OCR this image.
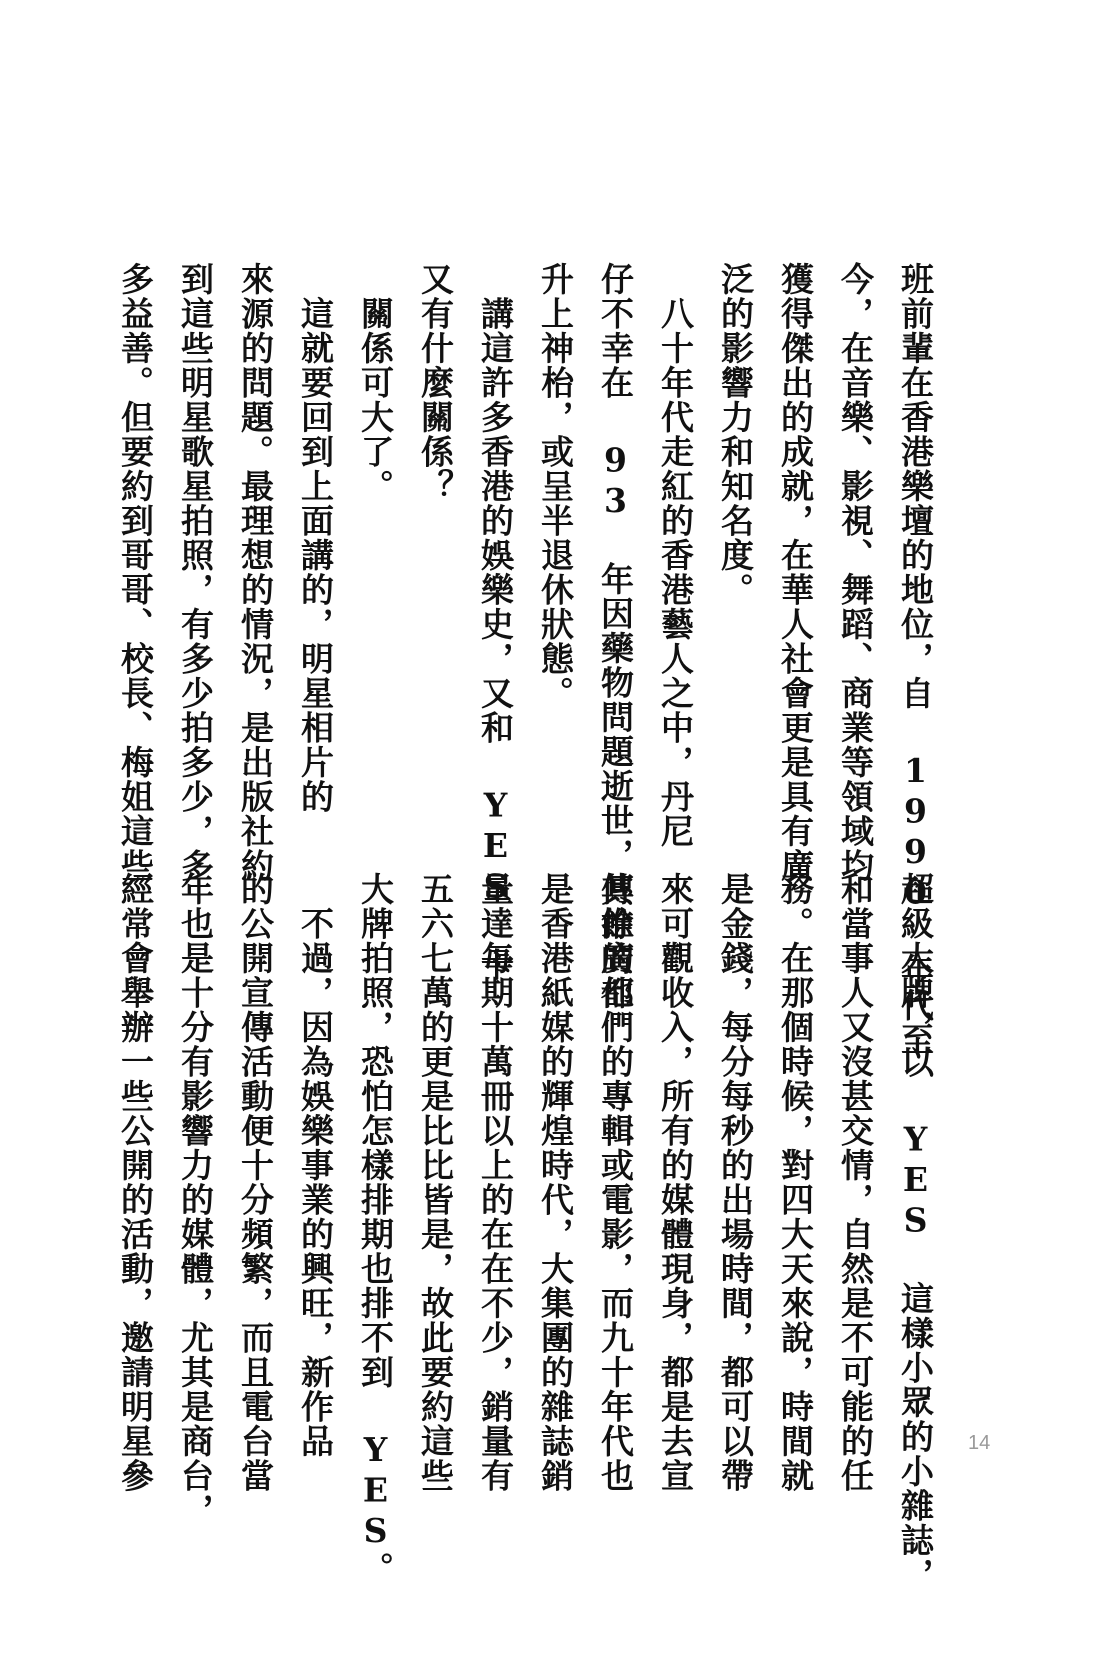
班前輩在香港樂壇的地位，自 1990 年代至
今，在音樂、影視、舞蹈、商業等領域均
獲得傑出的成就，在華人社會更是具有廣
泛的影響力和知名度。
　八十年代走紅的香港藝人之中，丹尼
仔不幸在 93 年因藥物問題逝世，其餘的都
升上神枱，或呈半退休狀態。
　講這許多香港的娛樂史，又和 YES 卡
又有什麼關係？
　關係可大了。
　這就要回到上面講的，明星相片的
來源的問題。最理想的情況，是出版社約
到這些明星歌星拍照，有多少拍多少，多
多益善。但要約到哥哥、校長、梅姐這些
超級大牌，以 YES 這樣小眾的小雜誌，
和當事人又沒甚交情，自然是不可能的任
務。在那個時候，對四大天來說，時間就
是金錢，每分每秒的出場時間，都可以帶
來可觀收入，所有的媒體現身，都是去宣
傳推廣他們的專輯或電影，而九十年代也
是香港紙媒的輝煌時代，大集團的雜誌銷
量達每期十萬冊以上的在在不少，銷量有
五六七萬的更是比比皆是，故此要約這些
大牌拍照，恐怕怎樣排期也排不到 YES。
　不過，因為娛樂事業的興旺，新作品
的公開宣傳活動便十分頻繁，而且電台當
年也是十分有影響力的媒體，尤其是商台，
經常會舉辦一些公開的活動，邀請明星參	14
